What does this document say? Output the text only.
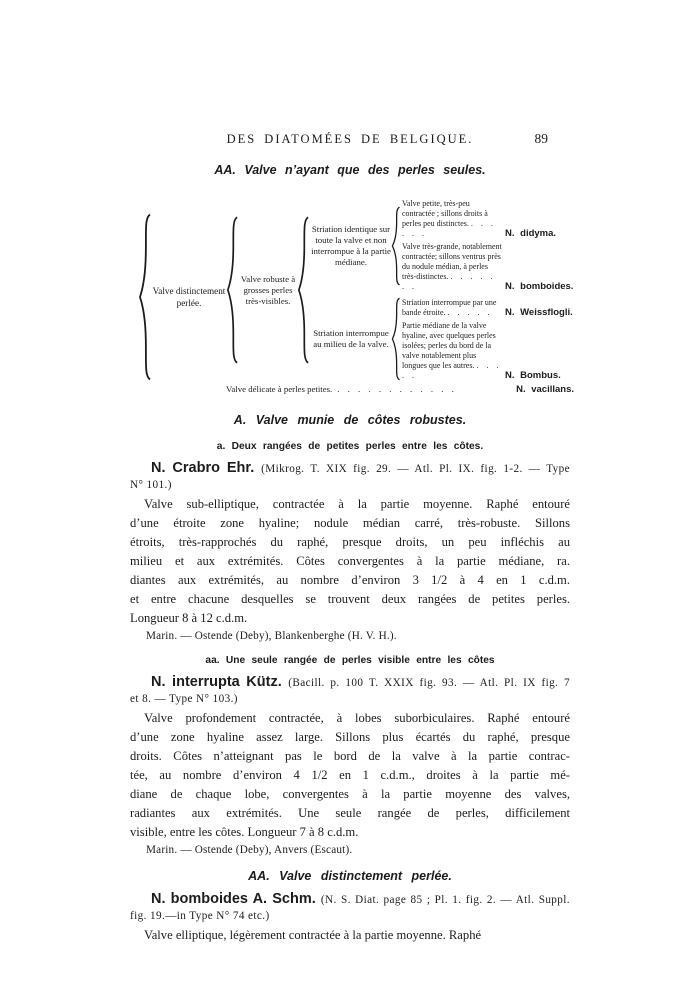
DES DIATOMÉES DE BELGIQUE.	89
AA. Valve n’ayant que des perles seules.
Valve distinctement perlée.
Valve robuste à grosses perles très-visibles.
Striation identique sur toute la valve et non interrompue à la partie médiane.
Valve petite, très-peu contractée ; sillons droits à perles peu distinctes. . . . . . .	N. didyma.
Valve très-grande, notablement contractée; sillons ventrus près du nodule médian, à perles très-distinctes. . . . . . . .	N. bomboides.
Striation interrompue au milieu de la valve.
Striation interrompue par une bande étroite. . . . . .	N. Weissflogli.
Partie médiane de la valve hyaline, avec quelques perles isolées; perles du bord de la valve notablement plus longues que les autres. . . . . .	N. Bombus.
Valve délicate à perles petites. . . . . . . . . . . . .	N. vacillans.
A. Valve munie de côtes robustes.
a. Deux rangées de petites perles entre les côtes.
N. Crabro Ehr. (Mikrog. T. XIX fig. 29. — Atl. Pl. IX. fig. 1-2. — Type
N° 101.)
Valve sub-elliptique, contractée à la partie moyenne. Raphé entouré
d’une étroite zone hyaline; nodule médian carré, très-robuste. Sillons
étroits, très-rapprochés du raphé, presque droits, un peu infléchis au
milieu et aux extrémités. Côtes convergentes à la partie médiane, ra.
diantes aux extrémités, au nombre d’environ 3 1/2 à 4 en 1 c.d.m.
et entre chacune desquelles se trouvent deux rangées de petites perles.
Longueur 8 à 12 c.d.m.
Marin. — Ostende (Deby), Blankenberghe (H. V. H.).
aa. Une seule rangée de perles visible entre les côtes
N. interrupta Kütz. (Bacill. p. 100 T. XXIX fig. 93. — Atl. Pl. IX fig. 7
et 8. — Type N° 103.)
Valve profondement contractée, à lobes suborbiculaires. Raphé entouré
d’une zone hyaline assez large. Sillons plus écartés du raphé, presque
droits. Côtes n’atteignant pas le bord de la valve à la partie contrac-
tée, au nombre d’environ 4 1/2 en 1 c.d.m., droites à la partie mé-
diane de chaque lobe, convergentes à la partie moyenne des valves,
radiantes aux extrémités. Une seule rangée de perles, difficilement
visible, entre les côtes. Longueur 7 à 8 c.d.m.
Marin. — Ostende (Deby), Anvers (Escaut).
AA. Valve distinctement perlée.
N. bomboides A. Schm. (N. S. Diat. page 85 ; Pl. 1. fig. 2. — Atl. Suppl.
fig. 19.—in Type N° 74 etc.)
Valve elliptique, légèrement contractée à la partie moyenne. Raphé
